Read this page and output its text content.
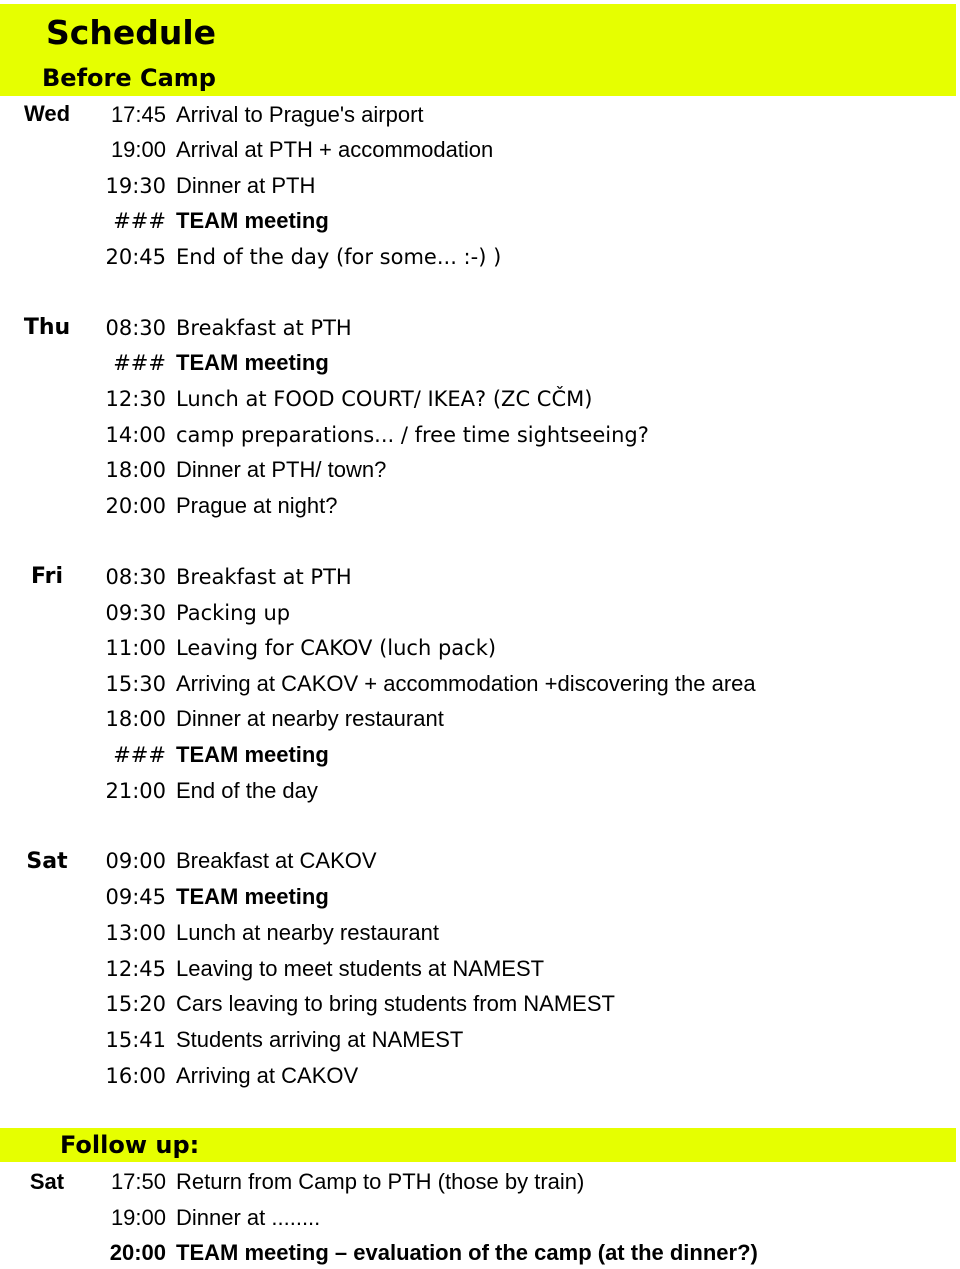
Schedule
Before Camp
Wed	17:45 Arrival to Prague's airport
19:00 Arrival at PTH + accommodation
19:30 Dinner at PTH
### TEAM meeting
20:45 End of the day (for some... :-) )
Thu	08:30 Breakfast at PTH
### TEAM meeting
12:30 Lunch at FOOD COURT/ IKEA? (ZC CČM)
14:00 camp preparations... / free time sightseeing?
18:00 Dinner at PTH/ town?
20:00 Prague at night?
Fri	08:30 Breakfast at PTH
09:30 Packing up
11:00 Leaving for CAKOV (luch pack)
15:30 Arriving at CAKOV + accommodation +discovering the area
18:00 Dinner at nearby restaurant
### TEAM meeting
21:00 End of the day
Sat	09:00 Breakfast at CAKOV
09:45 TEAM meeting
13:00 Lunch at nearby restaurant
12:45 Leaving to meet students at NAMEST
15:20 Cars leaving to bring students from NAMEST
15:41 Students arriving at NAMEST
16:00 Arriving at CAKOV
Follow up:
Sat	17:50 Return from Camp to PTH (those by train)
19:00 Dinner at ........
20:00 TEAM meeting – evaluation of the camp (at the dinner?)
